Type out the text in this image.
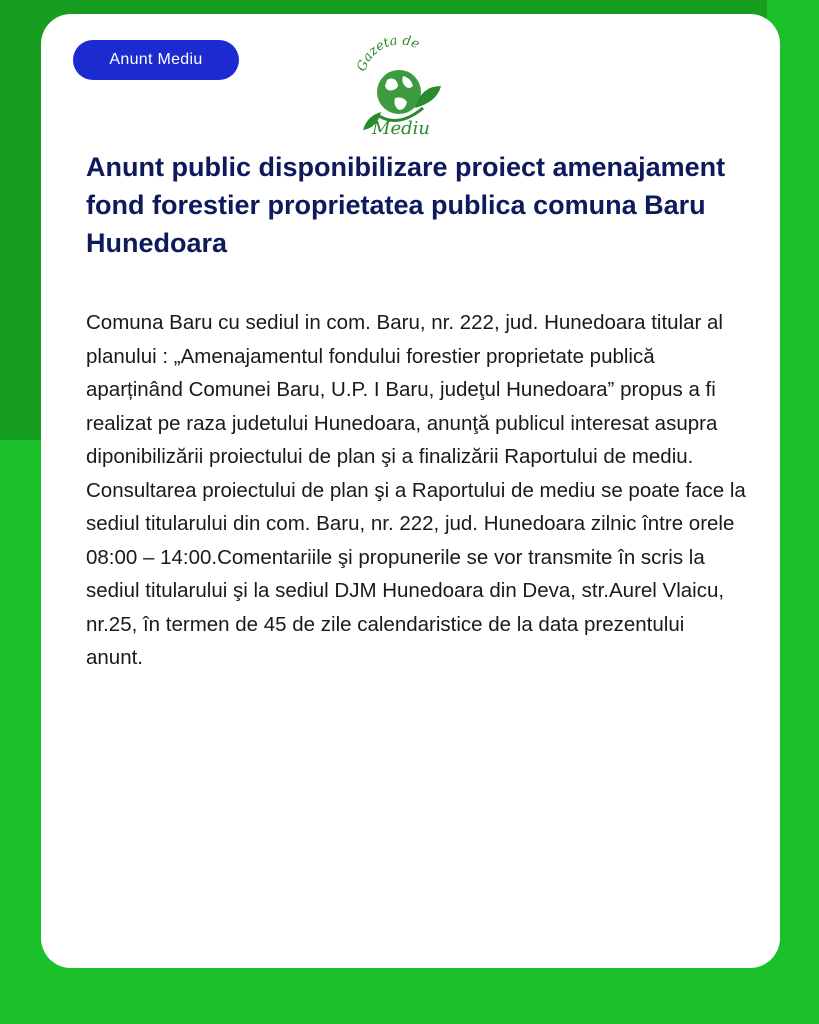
Anunt Mediu	Gazeta de
Mediu
Anunt public disponibilizare proiect amenajament fond forestier proprietatea publica comuna Baru Hunedoara

Comuna Baru cu sediul in com. Baru, nr. 222, jud. Hunedoara titular al planului : „Amenajamentul fondului forestier proprietate publică aparținând Comunei Baru, U.P. I Baru, judeţul Hunedoara” propus a fi realizat pe raza judetului Hunedoara, anunţă publicul interesat asupra diponibilizării proiectului de plan şi a finalizării Raportului de mediu. Consultarea proiectului de plan şi a Raportului de mediu se poate face la sediul titularului din com. Baru, nr. 222, jud. Hunedoara zilnic între orele 08:00 – 14:00.Comentariile şi propunerile se vor transmite în scris la sediul titularului şi la sediul DJM Hunedoara din Deva, str.Aurel Vlaicu, nr.25, în termen de 45 de zile calendaristice de la data prezentului anunt.
